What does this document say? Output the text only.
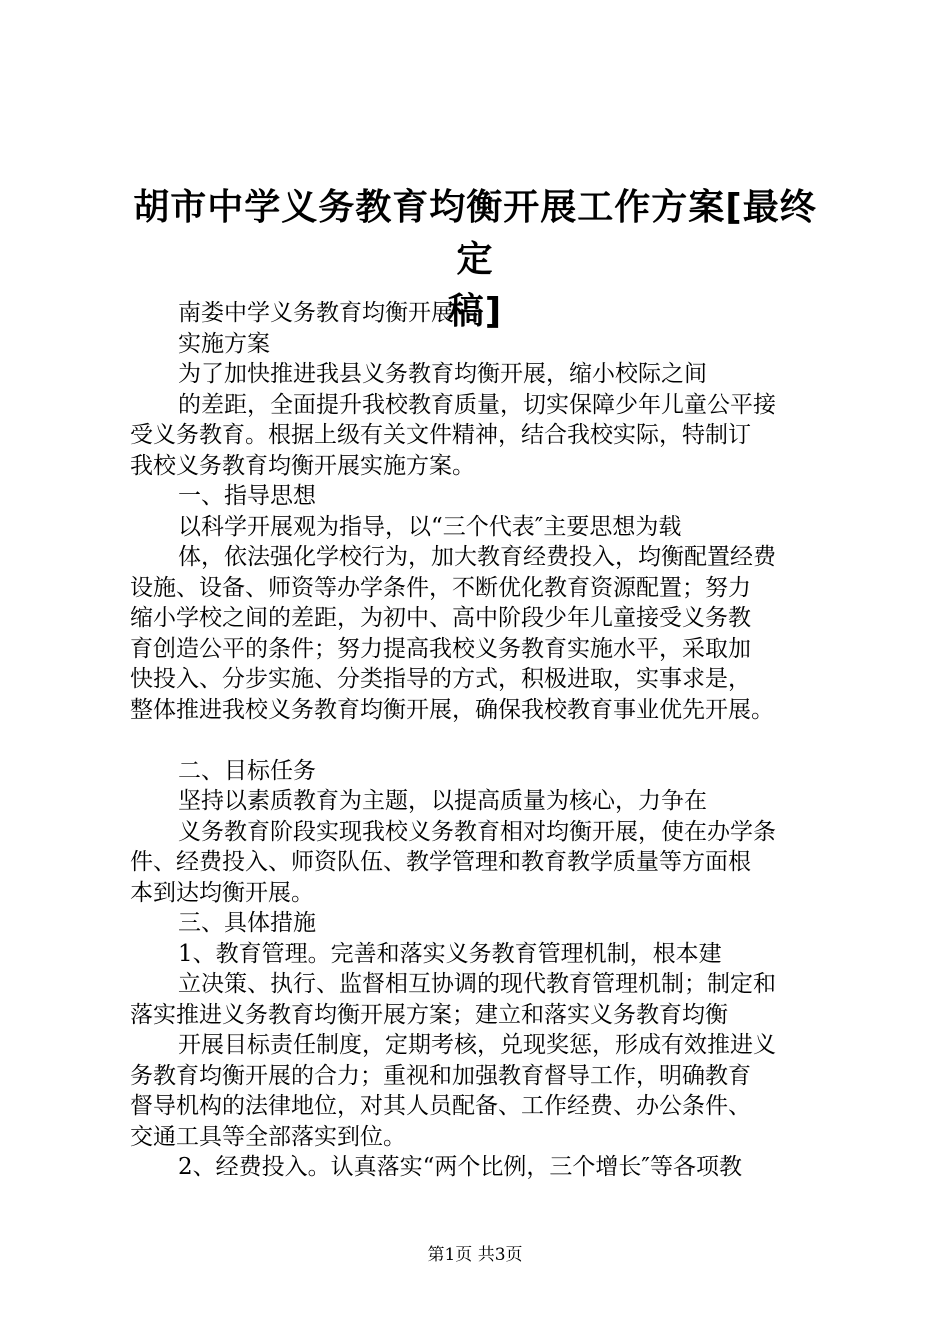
胡市中学义务教育均衡开展工作方案[最终定
稿]
南娄中学义务教育均衡开展
实施方案
为了加快推进我县义务教育均衡开展，缩小校际之间
的差距，全面提升我校教育质量，切实保障少年儿童公平接
受义务教育。根据上级有关文件精神，结合我校实际，特制订
我校义务教育均衡开展实施方案。
一、指导思想
以科学开展观为指导，以“三个代表″主要思想为载
体，依法强化学校行为，加大教育经费投入，均衡配置经费
设施、设备、师资等办学条件，不断优化教育资源配置；努力
缩小学校之间的差距，为初中、高中阶段少年儿童接受义务教
育创造公平的条件；努力提高我校义务教育实施水平，采取加
快投入、分步实施、分类指导的方式，积极进取，实事求是，
整体推进我校义务教育均衡开展，确保我校教育事业优先开展。
二、目标任务
坚持以素质教育为主题，以提高质量为核心，力争在
义务教育阶段实现我校义务教育相对均衡开展，使在办学条
件、经费投入、师资队伍、教学管理和教育教学质量等方面根
本到达均衡开展。
三、具体措施
1、教育管理。完善和落实义务教育管理机制，根本建
立决策、执行、监督相互协调的现代教育管理机制；制定和
落实推进义务教育均衡开展方案；建立和落实义务教育均衡
开展目标责任制度，定期考核，兑现奖惩，形成有效推进义
务教育均衡开展的合力；重视和加强教育督导工作，明确教育
督导机构的法律地位，对其人员配备、工作经费、办公条件、
交通工具等全部落实到位。
2、经费投入。认真落实“两个比例，三个增长″等各项教
第1页 共3页
